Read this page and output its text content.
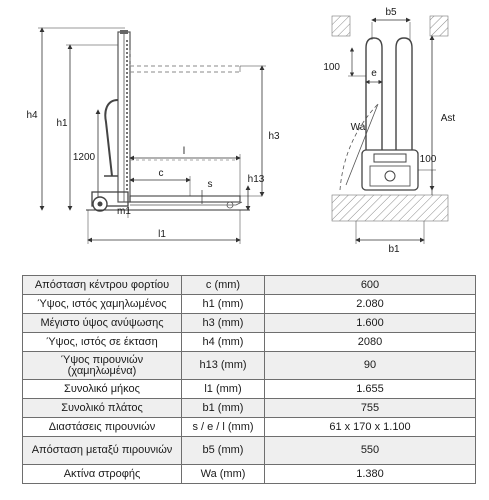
h4
h1
1200
l
c
s	h13
h3
m1
l1
b5
e
100
Wa
Ast
100
b1
Απόσταση κέντρου φορτίου	c (mm)	600
Ύψος, ιστός χαμηλωμένος	h1 (mm)	2.080
Μέγιστο ύψος ανύψωσης	h3 (mm)	1.600
Ύψος, ιστός σε έκταση	h4 (mm)	2080
Ύψος πιρουνιών (χαμηλωμένα)	h13 (mm)	90
Συνολικό μήκος	l1 (mm)	1.655
Συνολικό πλάτος	b1 (mm)	755
Διαστάσεις πιρουνιών	s / e / l (mm)	61 x 170 x 1.100
Απόσταση μεταξύ πιρουνιών	b5 (mm)	550
Ακτίνα στροφής	Wa (mm)	1.380
